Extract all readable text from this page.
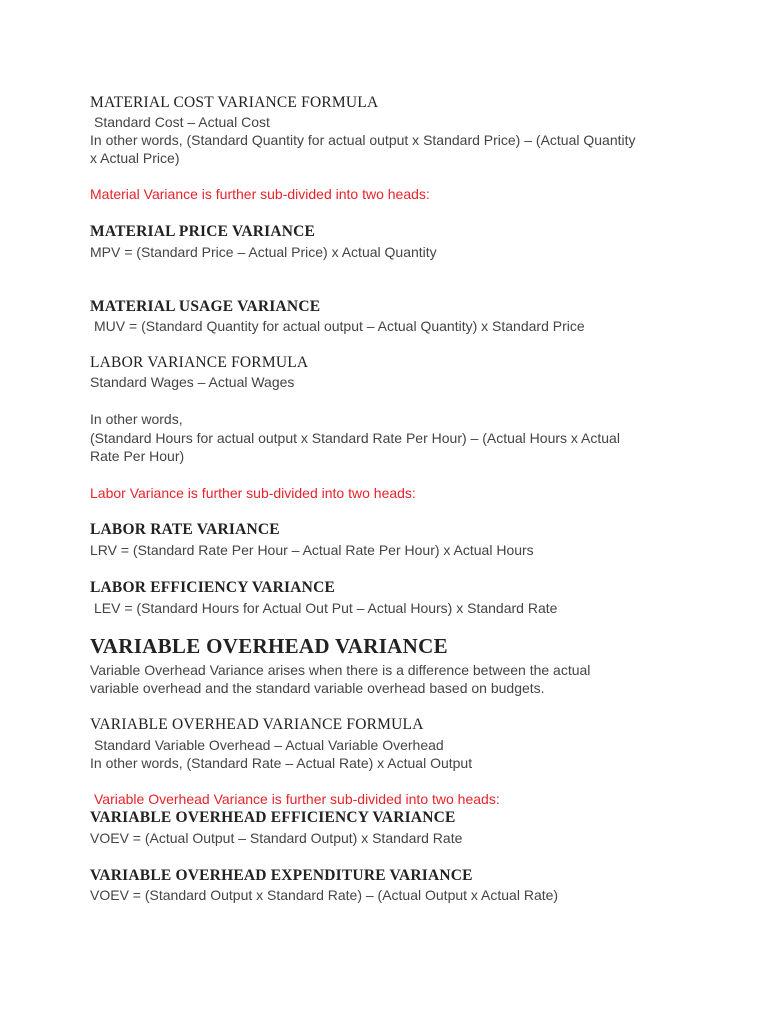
MATERIAL COST VARIANCE FORMULA

Standard Cost – Actual Cost

In other words, (Standard Quantity for actual output x Standard Price) – (Actual Quantity

x Actual Price)

Material Variance is further sub-divided into two heads:

MATERIAL PRICE VARIANCE

MPV = (Standard Price – Actual Price) x Actual Quantity

MATERIAL USAGE VARIANCE

MUV = (Standard Quantity for actual output – Actual Quantity) x Standard Price

LABOR VARIANCE FORMULA

Standard Wages – Actual Wages

In other words,

(Standard Hours for actual output x Standard Rate Per Hour) – (Actual Hours x Actual

Rate Per Hour)

Labor Variance is further sub-divided into two heads:

LABOR RATE VARIANCE

LRV = (Standard Rate Per Hour – Actual Rate Per Hour) x Actual Hours

LABOR EFFICIENCY VARIANCE

LEV = (Standard Hours for Actual Out Put – Actual Hours) x Standard Rate

VARIABLE OVERHEAD VARIANCE

Variable Overhead Variance arises when there is a difference between the actual

variable overhead and the standard variable overhead based on budgets.

VARIABLE OVERHEAD VARIANCE FORMULA

Standard Variable Overhead – Actual Variable Overhead

In other words, (Standard Rate – Actual Rate) x Actual Output

Variable Overhead Variance is further sub-divided into two heads:

VARIABLE OVERHEAD EFFICIENCY VARIANCE

VOEV = (Actual Output – Standard Output) x Standard Rate

VARIABLE OVERHEAD EXPENDITURE VARIANCE

VOEV = (Standard Output x Standard Rate) – (Actual Output x Actual Rate)
